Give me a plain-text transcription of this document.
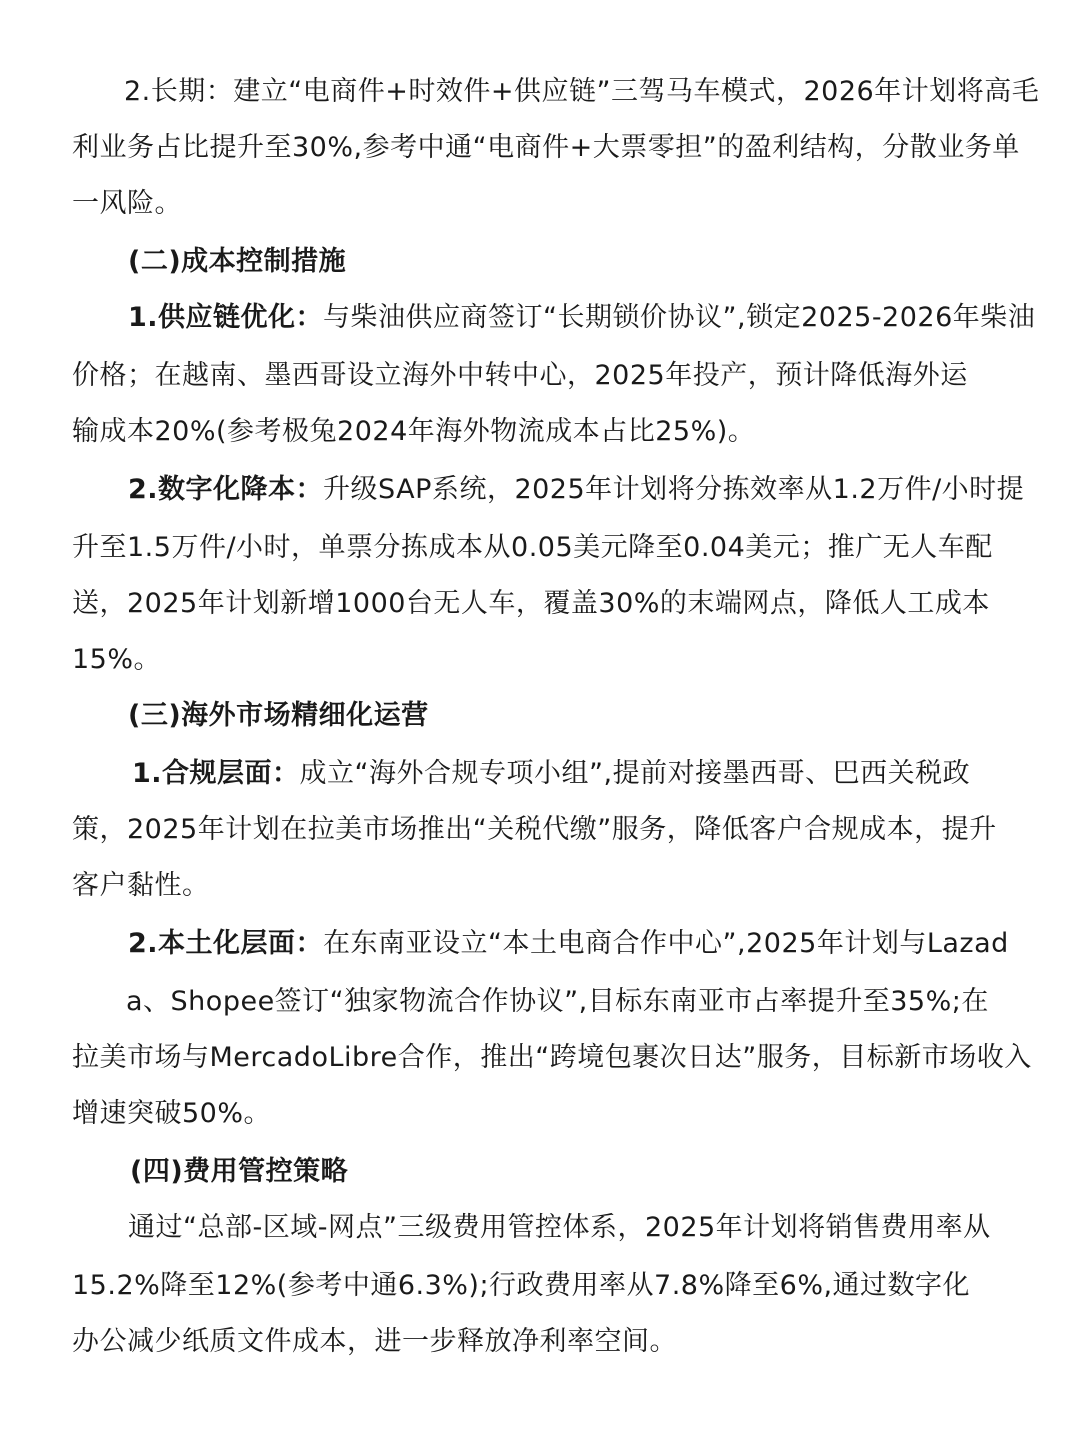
2.长期：建立“电商件+时效件+供应链”三驾马车模式，2026年计划将高毛
利业务占比提升至30%,参考中通“电商件+大票零担”的盈利结构，分散业务单
一风险。
(二)成本控制措施
1.供应链优化：与柴油供应商签订“长期锁价协议”,锁定2025-2026年柴油
价格；在越南、墨西哥设立海外中转中心，2025年投产，预计降低海外运
输成本20%(参考极兔2024年海外物流成本占比25%)。
2.数字化降本：升级SAP系统，2025年计划将分拣效率从1.2万件/小时提
升至1.5万件/小时，单票分拣成本从0.05美元降至0.04美元；推广无人车配
送，2025年计划新增1000台无人车，覆盖30%的末端网点，降低人工成本
15%。
(三)海外市场精细化运营
1.合规层面：成立“海外合规专项小组”,提前对接墨西哥、巴西关税政
策，2025年计划在拉美市场推出“关税代缴”服务，降低客户合规成本，提升
客户黏性。
2.本土化层面：在东南亚设立“本土电商合作中心”,2025年计划与Lazad
a、Shopee签订“独家物流合作协议”,目标东南亚市占率提升至35%;在
拉美市场与MercadoLibre合作，推出“跨境包裹次日达”服务，目标新市场收入
增速突破50%。
(四)费用管控策略
通过“总部-区域-网点”三级费用管控体系，2025年计划将销售费用率从
15.2%降至12%(参考中通6.3%);行政费用率从7.8%降至6%,通过数字化
办公减少纸质文件成本，进一步释放净利率空间。
